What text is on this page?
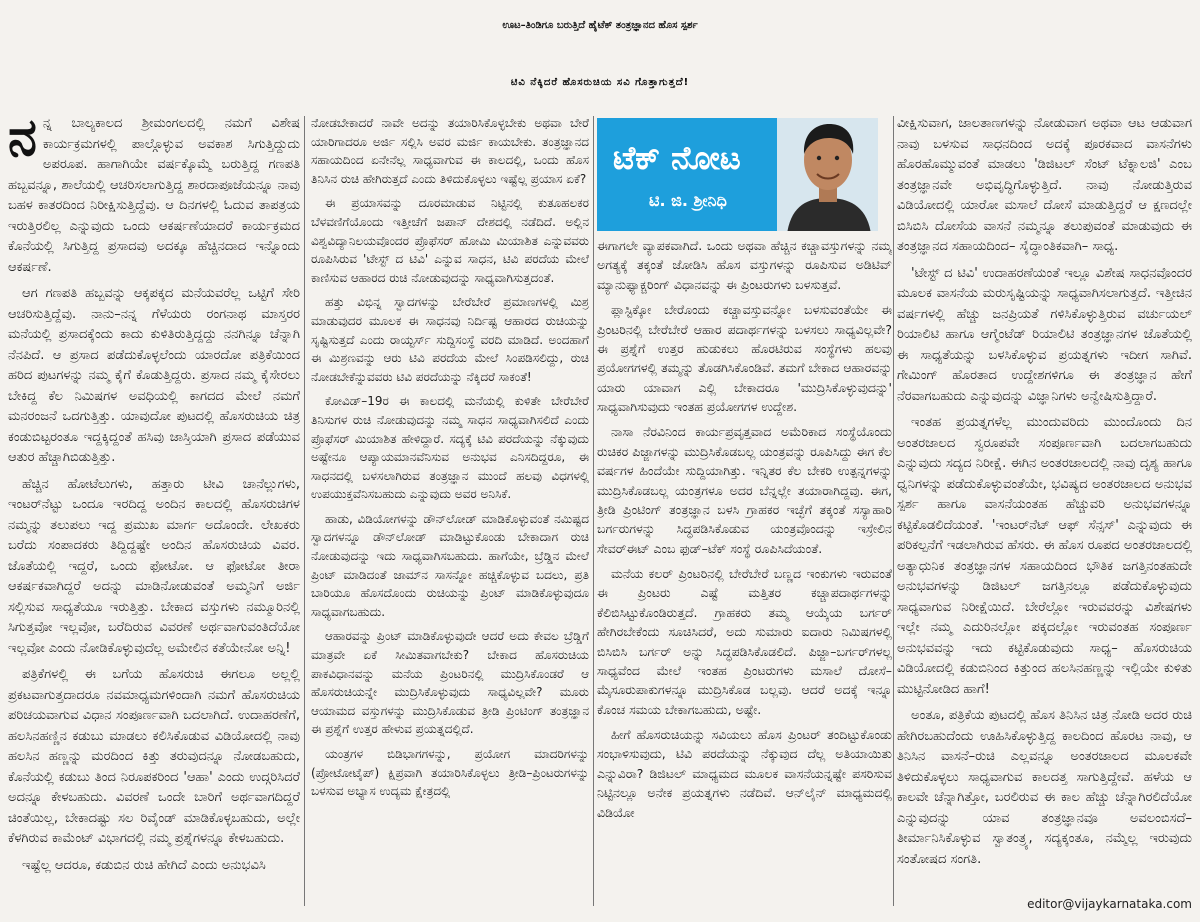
ಊಟ–ತಿಂಡಿಗೂ ಬರುತ್ತಿದೆ ಹೈಟೆಕ್ ತಂತ್ರಜ್ಞಾನದ ಹೊಸ ಸ್ಪರ್ಶ
ಟಿವಿ ನೆಕ್ಕಿದರೆ ಹೊಸರುಚಿಯ ಸವಿ ಗೊತ್ತಾಗುತ್ತದೆ!

ನನ್ನ ಬಾಲ್ಯಕಾಲದ ಶ್ರೀಮಂಗಲದಲ್ಲಿ ನಮಗೆ ವಿಶೇಷ ಕಾರ್ಯಕ್ರಮಗಳಲ್ಲಿ ಪಾಲ್ಗೊಳ್ಳುವ ಅವಕಾಶ ಸಿಗುತ್ತಿದ್ದುದು ಅಪರೂಪ. ಹಾಗಾಗಿಯೇ ವರ್ಷಕ್ಕೊಮ್ಮೆ ಬರುತ್ತಿದ್ದ ಗಣಪತಿ ಹಬ್ಬವನ್ನೂ, ಶಾಲೆಯಲ್ಲಿ ಆಚರಿಸಲಾಗುತ್ತಿದ್ದ ಶಾರದಾಪೂಜೆಯನ್ನೂ ನಾವು ಬಹಳ ಕಾತರದಿಂದ ನಿರೀಕ್ಷಿಸುತ್ತಿದ್ದೆವು. ಆ ದಿನಗಳಲ್ಲಿ ಓದುವ ತಾಪತ್ರಯ ಇರುತ್ತಿರಲಿಲ್ಲ ಎನ್ನುವುದು ಒಂದು ಆಕರ್ಷಣೆಯಾದರೆ ಕಾರ್ಯಕ್ರಮದ ಕೊನೆಯಲ್ಲಿ ಸಿಗುತ್ತಿದ್ದ ಪ್ರಸಾದವು ಅದಕ್ಕೂ ಹೆಚ್ಚಿನದಾದ ಇನ್ನೊಂದು ಆಕರ್ಷಣೆ.

ಆಗ ಗಣಪತಿ ಹಬ್ಬವನ್ನು ಆಕ್ಕಪಕ್ಕದ ಮನೆಯವರೆಲ್ಲ ಒಟ್ಟಿಗೆ ಸೇರಿ ಆಚರಿಸುತ್ತಿದ್ದೆವು. ನಾನು–ನನ್ನ ಗೆಳೆಯರು ರಂಗನಾಥ ಮಾಸ್ತರರ ಮನೆಯಲ್ಲಿ ಪ್ರಸಾದಕ್ಕೆಂದು ಕಾದು ಕುಳಿತಿರುತ್ತಿದ್ದದ್ದು ನನಗಿನ್ನೂ ಚೆನ್ನಾಗಿ ನೆನಪಿದೆ. ಆ ಪ್ರಸಾದ ಪಡೆದುಕೊಳ್ಳಲೆಂದು ಯಾರದೋ ಪತ್ರಿಕೆಯಿಂದ ಹರಿದ ಪುಟಗಳನ್ನು ನಮ್ಮ ಕೈಗೆ ಕೊಡುತ್ತಿದ್ದರು. ಪ್ರಸಾದ ನಮ್ಮ ಕೈಸೇರಲು ಬೇಕಿದ್ದ ಕೆಲ ನಿಮಿಷಗಳ ಅವಧಿಯಲ್ಲಿ ಕಾಗದದ ಮೇಲೆ ನಮಗೆ ಮನರಂಜನೆ ಒದಗುತ್ತಿತ್ತು. ಯಾವುದೋ ಪುಟದಲ್ಲಿ ಹೊಸರುಚಿಯ ಚಿತ್ರ ಕಂಡುಬಿಟ್ಟರಂತೂ ಇದ್ದಕ್ಕಿದ್ದಂತೆ ಹಸಿವು ಜಾಸ್ತಿಯಾಗಿ ಪ್ರಸಾದ ಪಡೆಯುವ ಆತುರ ಹೆಚ್ಚಾಗಿಬಿಡುತ್ತಿತ್ತು.

ಹೆಚ್ಚಿನ ಹೋಟೆಲುಗಳು, ಹತ್ತಾರು ಟೀವಿ ಚಾನೆಲ್ಲುಗಳು, ಇಂಟರ್‌ನೆಟ್ಟು ಒಂದೂ ಇರದಿದ್ದ ಅಂದಿನ ಕಾಲದಲ್ಲಿ ಹೊಸರುಚಿಗಳ ನಮ್ಮನ್ನು ತಲುಪಲು ಇದ್ದ ಪ್ರಮುಖ ಮಾರ್ಗ ಅದೊಂದೇ. ಲೇಖಕರು ಬರೆದು ಸಂಪಾದಕರು ತಿದ್ದಿದ್ದಷ್ಟೇ ಅಂದಿನ ಹೊಸರುಚಿಯ ವಿವರ. ಜೊತೆಯಲ್ಲಿ ಇದ್ದರೆ, ಒಂದು ಫೋಟೋ. ಆ ಫೋಟೋ ತೀರಾ ಆಕರ್ಷಕವಾಗಿದ್ದರೆ ಅದನ್ನು ಮಾಡಿನೋಡುವಂತೆ ಅಮ್ಮನಿಗೆ ಅರ್ಜಿ ಸಲ್ಲಿಸುವ ಸಾಧ್ಯತೆಯೂ ಇರುತ್ತಿತ್ತು. ಬೇಕಾದ ವಸ್ತುಗಳು ನಮ್ಮೂರಿನಲ್ಲಿ ಸಿಗುತ್ತವೋ ಇಲ್ಲವೋ, ಬರೆದಿರುವ ವಿವರಣೆ ಅರ್ಥವಾಗುವಂತಿದೆಯೋ ಇಲ್ಲವೋ ಎಂದು ನೋಡಿಕೊಳ್ಳುವುದೆಲ್ಲ ಅಮೇಲಿನ ಕತೆಯೇನೋ ಅನ್ನಿ!

ಪತ್ರಿಕೆಗಳಲ್ಲಿ ಈ ಬಗೆಯ ಹೊಸರುಚಿ ಈಗಲೂ ಅಲ್ಲಲ್ಲಿ ಪ್ರಕಟವಾಗುತ್ತದಾದರೂ ನವಮಾಧ್ಯಮಗಳಿಂದಾಗಿ ನಮಗೆ ಹೊಸರುಚಿಯ ಪರಿಚಯವಾಗುವ ವಿಧಾನ ಸಂಪೂರ್ಣವಾಗಿ ಬದಲಾಗಿದೆ. ಉದಾಹರಣೆಗೆ, ಹಲಸಿನಹಣ್ಣಿನ ಕಡುಬು ಮಾಡಲು ಕಲಿಸಿಕೊಡುವ ವಿಡಿಯೋದಲ್ಲಿ ನಾವು ಹಲಸಿನ ಹಣ್ಣನ್ನು ಮರದಿಂದ ಕಿತ್ತು ತರುವುದನ್ನೂ ನೋಡಬಹುದು, ಕೊನೆಯಲ್ಲಿ ಕಡುಬು ತಿಂದ ನಿರೂಪಕರಿಂದ 'ಆಹಾ' ಎಂದು ಉದ್ಗರಿಸಿದರೆ ಅದನ್ನೂ ಕೇಳಬಹುದು. ವಿವರಣೆ ಒಂದೇ ಬಾರಿಗೆ ಅರ್ಥವಾಗದಿದ್ದರೆ ಚಿಂತೆಯಿಲ್ಲ, ಬೇಕಾದಷ್ಟು ಸಲ ರಿವೈಂಡ್ ಮಾಡಿಕೊಳ್ಳಬಹುದು, ಅಲ್ಲೇ ಕೆಳಗಿರುವ ಕಾಮೆಂಟ್ ವಿಭಾಗದಲ್ಲಿ ನಮ್ಮ ಪ್ರಶ್ನೆಗಳನ್ನೂ ಕೇಳಬಹುದು.

ಇಷ್ಟೆಲ್ಲ ಆದರೂ, ಕಡುಬಿನ ರುಚಿ ಹೇಗಿದೆ ಎಂದು ಅನುಭವಿಸಿ

ನೋಡಬೇಕಾದರೆ ನಾವೇ ಅದನ್ನು ತಯಾರಿಸಿಕೊಳ್ಳಬೇಕು ಅಥವಾ ಬೇರೆ ಯಾರಿಗಾದರೂ ಅರ್ಜಿ ಸಲ್ಲಿಸಿ ಅವರ ಮರ್ಜಿ ಕಾಯಬೇಕು. ತಂತ್ರಜ್ಞಾನದ ಸಹಾಯದಿಂದ ಏನೇನೆಲ್ಲ ಸಾಧ್ಯವಾಗುವ ಈ ಕಾಲದಲ್ಲಿ, ಒಂದು ಹೊಸ ತಿನಿಸಿನ ರುಚಿ ಹೇಗಿರುತ್ತದೆ ಎಂದು ತಿಳಿದುಕೊಳ್ಳಲು ಇಷ್ಟೆಲ್ಲ ಪ್ರಯಾಸ ಏಕೆ?

ಈ ಪ್ರಯಾಸವನ್ನು ದೂರಮಾಡುವ ನಿಟ್ಟಿನಲ್ಲಿ ಕುತೂಹಲಕರ ಬೆಳವಣಿಗೆಯೊಂದು ಇತ್ತೀಚೆಗೆ ಜಪಾನ್ ದೇಶದಲ್ಲಿ ನಡೆದಿದೆ. ಅಲ್ಲಿನ ವಿಶ್ವವಿದ್ಯಾನಿಲಯವೊಂದರ ಪ್ರೊಫೆಸರ್ ಹೋಮಿ ಮಿಯಾಶಿತ ಎನ್ನುವವರು ರೂಪಿಸಿರುವ 'ಟೇಸ್ಟ್ ದ ಟಿವಿ' ಎನ್ನುವ ಸಾಧನ, ಟಿವಿ ಪರದೆಯ ಮೇಲೆ ಕಾಣಿಸುವ ಆಹಾರದ ರುಚಿ ನೋಡುವುದನ್ನು ಸಾಧ್ಯವಾಗಿಸುತ್ತದಂತೆ.

ಹತ್ತು ವಿಭಿನ್ನ ಸ್ವಾದಗಳನ್ನು ಬೇರೆಬೇರೆ ಪ್ರಮಾಣಗಳಲ್ಲಿ ಮಿಶ್ರ ಮಾಡುವುದರ ಮೂಲಕ ಈ ಸಾಧನವು ನಿರ್ದಿಷ್ಟ ಆಹಾರದ ರುಚಿಯನ್ನು ಸೃಷ್ಟಿಸುತ್ತದೆ ಎಂದು ರಾಯ್ಟರ್ಸ್ ಸುದ್ದಿಸಂಸ್ಥೆ ವರದಿ ಮಾಡಿದೆ. ಅಂದಹಾಗೆ ಈ ಮಿಶ್ರಣವನ್ನು ಆರು ಟಿವಿ ಪರದೆಯ ಮೇಲೆ ಸಿಂಪಡಿಸಲಿದ್ದು, ರುಚಿ ನೋಡಬೇಕೆನ್ನುವವರು ಟಿವಿ ಪರದೆಯನ್ನು ನೆಕ್ಕಿದರೆ ಸಾಕಂತೆ!

ಕೋವಿಡ್–19ರ ಈ ಕಾಲದಲ್ಲಿ ಮನೆಯಲ್ಲಿ ಕುಳಿತೇ ಬೇರೆಬೇರೆ ತಿನಿಸುಗಳ ರುಚಿ ನೋಡುವುದನ್ನು ನಮ್ಮ ಸಾಧನ ಸಾಧ್ಯವಾಗಿಸಲಿದೆ ಎಂದು ಪ್ರೊಫೆಸರ್ ಮಿಯಾಶಿತ ಹೇಳಿದ್ದಾರೆ. ಸದ್ಯಕ್ಕೆ ಟಿವಿ ಪರದೆಯನ್ನು ನೆಕ್ಕುವುದು ಅಷ್ಟೇನೂ ಆಪ್ಯಾಯಮಾನವೆನಿಸುವ ಅನುಭವ ಎನಿಸದಿದ್ದರೂ, ಈ ಸಾಧನದಲ್ಲಿ ಬಳಸಲಾಗಿರುವ ತಂತ್ರಜ್ಞಾನ ಮುಂದೆ ಹಲವು ವಿಧಗಳಲ್ಲಿ ಉಪಯುಕ್ತವೆನಿಸಬಹುದು ಎನ್ನುವುದು ಅವರ ಅನಿಸಿಕೆ.

ಹಾಡು, ವಿಡಿಯೋಗಳನ್ನು ಡೌನ್‌ಲೋಡ್ ಮಾಡಿಕೊಳ್ಳುವಂತೆ ನಮಿಷ್ಟದ ಸ್ವಾದಗಳನ್ನೂ ಡೌನ್‌ಲೋಡ್ ಮಾಡಿಟ್ಟುಕೊಂಡು ಬೇಕಾದಾಗ ರುಚಿ ನೋಡುವುದನ್ನು ಇದು ಸಾಧ್ಯವಾಗಿಸಬಹುದು. ಹಾಗೆಯೇ, ಬ್ರೆಡ್ಡಿನ ಮೇಲೆ ಪ್ರಿಂಟ್ ಮಾಡಿದಂತೆ ಜಾಮ್‌ನ ಸಾಸನ್ನೋ ಹಚ್ಚಿಕೊಳ್ಳುವ ಬದಲು, ಪ್ರತಿ ಬಾರಿಯೂ ಹೊಸದೊಂದು ರುಚಿಯನ್ನು ಪ್ರಿಂಟ್ ಮಾಡಿಕೊಳ್ಳುವುದೂ ಸಾಧ್ಯವಾಗಬಹುದು.

ಆಹಾರವನ್ನು ಪ್ರಿಂಟ್ ಮಾಡಿಕೊಳ್ಳುವುದೇ ಆದರೆ ಅದು ಕೇವಲ ಬ್ರೆಡ್ಡಿಗೆ ಮಾತ್ರವೇ ಏಕೆ ಸೀಮಿತವಾಗಬೇಕು? ಬೇಕಾದ ಹೊಸರುಚಿಯ ಪಾಕವಿಧಾನವನ್ನು ಮನೆಯ ಪ್ರಿಂಟರಿನಲ್ಲಿ ಮುದ್ರಿಸಿಕೊಂಡರೆ ಆ ಹೊಸರುಚಿಯನ್ನೇ ಮುದ್ರಿಸಿಕೊಳ್ಳುವುದು ಸಾಧ್ಯವಿಲ್ಲವೇ? ಮೂರು ಆಯಾಮದ ವಸ್ತುಗಳನ್ನು ಮುದ್ರಿಸಿಕೊಡುವ ತ್ರೀಡಿ ಪ್ರಿಂಟಿಂಗ್ ತಂತ್ರಜ್ಞಾನ ಈ ಪ್ರಶ್ನೆಗೆ ಉತ್ತರ ಹೇಳುವ ಪ್ರಯತ್ನದಲ್ಲಿದೆ.

ಯಂತ್ರಗಳ ಬಿಡಿಭಾಗಗಳನ್ನು, ಪ್ರಯೋಗ ಮಾದರಿಗಳನ್ನು (ಪ್ರೋಟೋಟೈಪ್) ಕ್ಷಿಪ್ರವಾಗಿ ತಯಾರಿಸಿಕೊಳ್ಳಲು ತ್ರೀಡಿ–ಪ್ರಿಂಟರುಗಳನ್ನು ಬಳಸುವ ಅಭ್ಯಾಸ ಉದ್ಯಮ ಕ್ಷೇತ್ರದಲ್ಲಿ

ಟೆಕ್ ನೋಟ
ಟಿ. ಜಿ. ಶ್ರೀನಿಧಿ

ಈಗಾಗಲೇ ವ್ಯಾಪಕವಾಗಿದೆ. ಒಂದು ಅಥವಾ ಹೆಚ್ಚಿನ ಕಚ್ಚಾವಸ್ತುಗಳನ್ನು ನಮ್ಮ ಅಗತ್ಯಕ್ಕೆ ತಕ್ಕಂತೆ ಜೋಡಿಸಿ ಹೊಸ ವಸ್ತುಗಳನ್ನು ರೂಪಿಸುವ ಅಡಿಟಿವ್ ಮ್ಯಾನುಫ್ಯಾಕ್ಚರಿಂಗ್ ವಿಧಾನವನ್ನು ಈ ಪ್ರಿಂಟರುಗಳು ಬಳಸುತ್ತವೆ.

ಪ್ಲಾಸ್ಟಿಕ್ಕೋ ಬೇರೊಂದು ಕಚ್ಚಾವಸ್ತುವನ್ನೋ ಬಳಸುವಂತೆಯೇ ಈ ಪ್ರಿಂಟರಿನಲ್ಲಿ ಬೇರೆಬೇರೆ ಆಹಾರ ಪದಾರ್ಥಗಳನ್ನು ಬಳಸಲು ಸಾಧ್ಯವಿಲ್ಲವೇ? ಈ ಪ್ರಶ್ನೆಗೆ ಉತ್ತರ ಹುಡುಕಲು ಹೊರಟಿರುವ ಸಂಸ್ಥೆಗಳು ಹಲವು ಪ್ರಯೋಗಗಳಲ್ಲಿ ತಮ್ಮನ್ನು ತೊಡಗಿಸಿಕೊಂಡಿವೆ. ತಮಗೆ ಬೇಕಾದ ಆಹಾರವನ್ನು ಯಾರು ಯಾವಾಗ ಎಲ್ಲಿ ಬೇಕಾದರೂ 'ಮುದ್ರಿಸಿಕೊಳ್ಳುವುದನ್ನು' ಸಾಧ್ಯವಾಗಿಸುವುದು ಇಂತಹ ಪ್ರಯೋಗಗಳ ಉದ್ದೇಶ.

ನಾಸಾ ನೆರವಿನಿಂದ ಕಾರ್ಯಪ್ರವೃತ್ತವಾದ ಅಮೆರಿಕಾದ ಸಂಸ್ಥೆಯೊಂದು ರುಚಿಕರ ಪಿಜ್ಜಾಗಳನ್ನು ಮುದ್ರಿಸಿಕೊಡಬಲ್ಲ ಯಂತ್ರವನ್ನು ರೂಪಿಸಿದ್ದು ಈಗ ಕೆಲ ವರ್ಷಗಳ ಹಿಂದೆಯೇ ಸುದ್ದಿಯಾಗಿತ್ತು. ಇನ್ನಿತರ ಕೆಲ ಬೇಕರಿ ಉತ್ಪನ್ನಗಳನ್ನು ಮುದ್ರಿಸಿಕೊಡಬಲ್ಲ ಯಂತ್ರಗಳೂ ಅದರ ಬೆನ್ನಲ್ಲೇ ತಯಾರಾಗಿದ್ದವು. ಈಗ, ತ್ರೀಡಿ ಪ್ರಿಂಟಿಂಗ್ ತಂತ್ರಜ್ಞಾನ ಬಳಸಿ ಗ್ರಾಹಕರ ಇಚ್ಛೆಗೆ ತಕ್ಕಂತೆ ಸಸ್ಯಾಹಾರಿ ಬರ್ಗರುಗಳನ್ನು ಸಿದ್ಧಪಡಿಸಿಕೊಡುವ ಯಂತ್ರವೊಂದನ್ನು ಇಸ್ರೇಲಿನ ಸೇವರ್‌ಈಟ್ ಎಂಬ ಫುಡ್–ಟೆಕ್ ಸಂಸ್ಥೆ ರೂಪಿಸಿದೆಯಂತೆ.

ಮನೆಯ ಕಲರ್ ಪ್ರಿಂಟರಿನಲ್ಲಿ ಬೇರೆಬೇರೆ ಬಣ್ಣದ ಇಂಕುಗಳು ಇರುವಂತೆ ಈ ಪ್ರಿಂಟರು ಎಷ್ಟೆ ಮತ್ತಿತರ ಕಚ್ಚಾಪದಾರ್ಥಗಳನ್ನು ಕೆಲಿಬಿಸಿಟ್ಟುಕೊಂಡಿರುತ್ತದೆ. ಗ್ರಾಹಕರು ತಮ್ಮ ಆಯ್ಕೆಯ ಬರ್ಗರ್ ಹೇಗಿರಬೇಕೆಂದು ಸೂಚಿಸಿದರೆ, ಅದು ಸುಮಾರು ಐದಾರು ನಿಮಿಷಗಳಲ್ಲಿ ಬಿಸಿಬಿಸಿ ಬರ್ಗರ್ ಅನ್ನು ಸಿದ್ಧಪಡಿಸಿಕೊಡಲಿದೆ. ಪಿಜ್ಜಾ–ಬರ್ಗರ್‌ಗಳಲ್ಲ ಸಾಧ್ಯವೆಂದ ಮೇಲೆ ಇಂತಹ ಪ್ರಿಂಟರುಗಳು ಮಸಾಲೆ ದೋಸೆ– ಮೈಸೂರುಪಾಕುಗಳನ್ನೂ ಮುದ್ರಿಸಿಕೊಡ ಬಲ್ಲವು. ಆದರೆ ಅದಕ್ಕೆ ಇನ್ನೂ ಕೊಂಚ ಸಮಯ ಬೇಕಾಗಬಹುದು, ಅಷ್ಟೇ.

ಹೀಗೆ ಹೊಸರುಚಿಯನ್ನು ಸವಿಯಲು ಹೊಸ ಪ್ರಿಂಟರ್ ತಂದಿಟ್ಟುಕೊಂಡು ಸಂಭಾಳಿಸುವುದು, ಟಿವಿ ಪರದೆಯನ್ನು ನೆಕ್ಕುವುದ ದೆಲ್ಲ ಅತಿಯಾಯಿತು ಎನ್ನುವಿರಾ? ಡಿಜಿಟಲ್ ಮಾಧ್ಯಮದ ಮೂಲಕ ವಾಸನೆಯನ್ನಷ್ಟೇ ಪಸರಿಸುವ ನಿಟ್ಟಿನಲ್ಲೂ ಅನೇಕ ಪ್ರಯತ್ನಗಳು ನಡೆದಿವೆ. ಆನ್‌ಲೈನ್ ಮಾಧ್ಯಮದಲ್ಲಿ ವಿಡಿಯೋ

ವೀಕ್ಷಿಸುವಾಗ, ಜಾಲತಾಣಗಳನ್ನು ನೋಡುವಾಗ ಅಥವಾ ಆಟ ಆಡುವಾಗ ನಾವು ಬಳಸುವ ಸಾಧನದಿಂದ ಅದಕ್ಕೆ ಪೂರಕವಾದ ವಾಸನೆಗಳು ಹೊರಹೊಮ್ಮುವಂತೆ ಮಾಡಲು 'ಡಿಜಿಟಲ್ ಸೆಂಟ್ ಟೆಕ್ನಾಲಜಿ' ಎಂಬ ತಂತ್ರಜ್ಞಾನವೇ ಅಭಿವೃದ್ಧಿಗೊಳ್ಳುತ್ತಿದೆ. ನಾವು ನೋಡುತ್ತಿರುವ ವಿಡಿಯೋದಲ್ಲಿ ಯಾರೋ ಮಸಾಲೆ ದೋಸೆ ಮಾಡುತ್ತಿದ್ದರೆ ಆ ಕ್ಷಣದಲ್ಲೇ ಬಿಸಿಬಿಸಿ ದೋಸೆಯ ವಾಸನೆ ನಮ್ಮನ್ನೂ ತಲುಪುವಂತೆ ಮಾಡುವುದು ಈ ತಂತ್ರಜ್ಞಾನದ ಸಹಾಯದಿಂದ– ಸೈದ್ಧಾಂತಿಕವಾಗಿ– ಸಾಧ್ಯ.

'ಟೇಸ್ಟ್ ದ ಟಿವಿ' ಉದಾಹರಣೆಯಂತೆ ಇಲ್ಲೂ ವಿಶೇಷ ಸಾಧನವೊಂದರ ಮೂಲಕ ವಾಸನೆಯ ಮರುಸೃಷ್ಟಿಯನ್ನು ಸಾಧ್ಯವಾಗಿಸಲಾಗುತ್ತದೆ. ಇತ್ತೀಚಿನ ವರ್ಷಗಳಲ್ಲಿ ಹೆಚ್ಚು ಜನಪ್ರಿಯತೆ ಗಳಿಸಿಕೊಳ್ಳುತ್ತಿರುವ ವರ್ಚುಯಲ್ ರಿಯಾಲಿಟಿ ಹಾಗೂ ಆಗ್ಮೆಂಟೆಡ್ ರಿಯಾಲಿಟಿ ತಂತ್ರಜ್ಞಾನಗಳ ಜೊತೆಯಲ್ಲಿ ಈ ಸಾಧ್ಯತೆಯನ್ನು ಬಳಸಿಕೊಳ್ಳುವ ಪ್ರಯತ್ನಗಳು ಇದೀಗ ಸಾಗಿವೆ. ಗೇಮಿಂಗ್ ಹೊರತಾದ ಉದ್ದೇಶಗಳಿಗೂ ಈ ತಂತ್ರಜ್ಞಾನ ಹೇಗೆ ನೆರವಾಗಬಹುದು ಎನ್ನುವುದನ್ನು ವಿಜ್ಞಾನಿಗಳು ಅನ್ವೇಷಿಸುತ್ತಿದ್ದಾರೆ.

ಇಂತಹ ಪ್ರಯತ್ನಗಳೆಲ್ಲ ಮುಂದುವರಿದು ಮುಂದೊಂದು ದಿನ ಅಂತರಜಾಲದ ಸ್ವರೂಪವೇ ಸಂಪೂರ್ಣವಾಗಿ ಬದಲಾಗಬಹುದು ಎನ್ನುವುದು ಸದ್ಯದ ನಿರೀಕ್ಷೆ. ಈಗಿನ ಅಂತರಜಾಲದಲ್ಲಿ ನಾವು ದೃಶ್ಯ ಹಾಗೂ ಧ್ವನಿಗಳನ್ನು ಪಡೆದುಕೊಳ್ಳುವಂತೆಯೇ, ಭವಿಷ್ಯದ ಅಂತರಜಾಲದ ಅನುಭವ ಸ್ಪರ್ಶ ಹಾಗೂ ವಾಸನೆಯಂತಹ ಹೆಚ್ಚುವರಿ ಅನುಭವಗಳನ್ನೂ ಕಟ್ಟಿಕೊಡಲಿದೆಯಂತೆ. 'ಇಂಟರ್‌ನೆಟ್ ಆಫ್ ಸೆನ್ಸಸ್' ಎನ್ನುವುದು ಈ ಪರಿಕಲ್ಪನೆಗೆ ಇಡಲಾಗಿರುವ ಹೆಸರು. ಈ ಹೊಸ ರೂಪದ ಅಂತರಜಾಲದಲ್ಲಿ ಅತ್ಯಾಧುನಿಕ ತಂತ್ರಜ್ಞಾನಗಳ ಸಹಾಯದಿಂದ ಭೌತಿಕ ಜಗತ್ತಿನಂತಹುದೇ ಅನುಭವಗಳನ್ನು ಡಿಜಿಟಲ್ ಜಗತ್ತಿನಲ್ಲೂ ಪಡೆದುಕೊಳ್ಳುವುದು ಸಾಧ್ಯವಾಗುವ ನಿರೀಕ್ಷೆಯಿದೆ. ಬೇರೆಲ್ಲೋ ಇರುವವರನ್ನು ವಿಶೇಷಗಳು ಇಲ್ಲೇ ನಮ್ಮ ಎದುರಿನಲ್ಲೋ ಪಕ್ಕದಲ್ಲೋ ಇರುವಂತಹ ಸಂಪೂರ್ಣ ಅನುಭವವನ್ನು ಇದು ಕಟ್ಟಿಕೊಡುವುದು ಸಾಧ್ಯ– ಹೊಸರುಚಿಯ ವಿಡಿಯೋದಲ್ಲಿ ಕಡುಬಿನಿಂದ ಕಿತ್ತುಂದ ಹಲಸಿನಹಣ್ಣನ್ನು ಇಲ್ಲಿಯೇ ಕುಳಿತು ಮುಟ್ಟಿನೋಡಿದ ಹಾಗೆ!

ಅಂತೂ, ಪತ್ರಿಕೆಯ ಪುಟದಲ್ಲಿ ಹೊಸ ತಿನಿಸಿನ ಚಿತ್ರ ನೋಡಿ ಅದರ ರುಚಿ ಹೇಗಿರಬಹುದೆಂದು ಊಹಿಸಿಕೊಳ್ಳುತ್ತಿದ್ದ ಕಾಲದಿಂದ ಹೊರಟ ನಾವು, ಆ ತಿನಿಸಿನ ವಾಸನೆ–ರುಚಿ ಎಲ್ಲವನ್ನೂ ಅಂತರಜಾಲದ ಮೂಲಕವೇ ತಿಳಿದುಕೊಳ್ಳಲು ಸಾಧ್ಯವಾಗುವ ಕಾಲದತ್ತ ಸಾಗುತ್ತಿದ್ದೇವೆ. ಹಳೆಯ ಆ ಕಾಲವೇ ಚೆನ್ನಾಗಿತ್ತೋ, ಬರಲಿರುವ ಈ ಕಾಲ ಹೆಚ್ಚು ಚೆನ್ನಾಗಿರಲಿದೆಯೋ ಎನ್ನುವುದನ್ನು ಯಾವ ತಂತ್ರಜ್ಞಾನವೂ ಅವಲಂಬಿಸದೆ– ತೀರ್ಮಾನಿಸಿಕೊಳ್ಳುವ ಸ್ವಾತಂತ್ರ್ಯ, ಸದ್ಯಕ್ಕಂತೂ, ನಮ್ಮೆಲ್ಲ ಇರುವುದು ಸಂತೋಷದ ಸಂಗತಿ.

editor@vijaykarnataka.com
